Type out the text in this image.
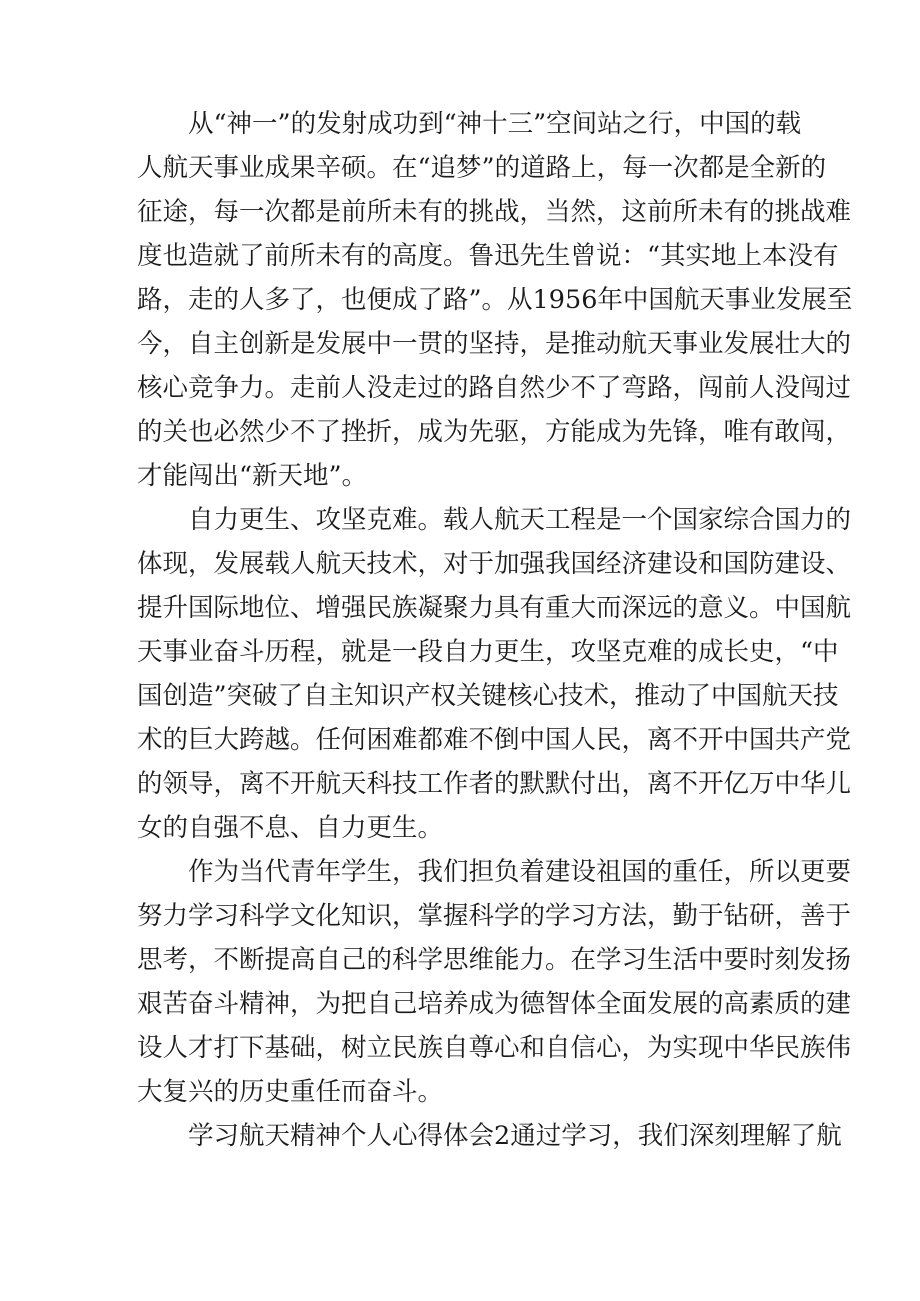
从“神一”的发射成功到“神十三”空间站之行，中国的载
人航天事业成果辛硕。在“追梦”的道路上，每一次都是全新的
征途，每一次都是前所未有的挑战，当然，这前所未有的挑战难
度也造就了前所未有的高度。鲁迅先生曾说：“其实地上本没有
路，走的人多了，也便成了路”。从1956年中国航天事业发展至
今，自主创新是发展中一贯的坚持，是推动航天事业发展壮大的
核心竞争力。走前人没走过的路自然少不了弯路，闯前人没闯过
的关也必然少不了挫折，成为先驱，方能成为先锋，唯有敢闯，
才能闯出“新天地”。
自力更生、攻坚克难。载人航天工程是一个国家综合国力的
体现，发展载人航天技术，对于加强我国经济建设和国防建设、
提升国际地位、增强民族凝聚力具有重大而深远的意义。中国航
天事业奋斗历程，就是一段自力更生，攻坚克难的成长史，“中
国创造”突破了自主知识产权关键核心技术，推动了中国航天技
术的巨大跨越。任何困难都难不倒中国人民，离不开中国共产党
的领导，离不开航天科技工作者的默默付出，离不开亿万中华儿
女的自强不息、自力更生。
作为当代青年学生，我们担负着建设祖国的重任，所以更要
努力学习科学文化知识，掌握科学的学习方法，勤于钻研，善于
思考，不断提高自己的科学思维能力。在学习生活中要时刻发扬
艰苦奋斗精神，为把自己培养成为德智体全面发展的高素质的建
设人才打下基础，树立民族自尊心和自信心，为实现中华民族伟
大复兴的历史重任而奋斗。
学习航天精神个人心得体会2通过学习，我们深刻理解了航
